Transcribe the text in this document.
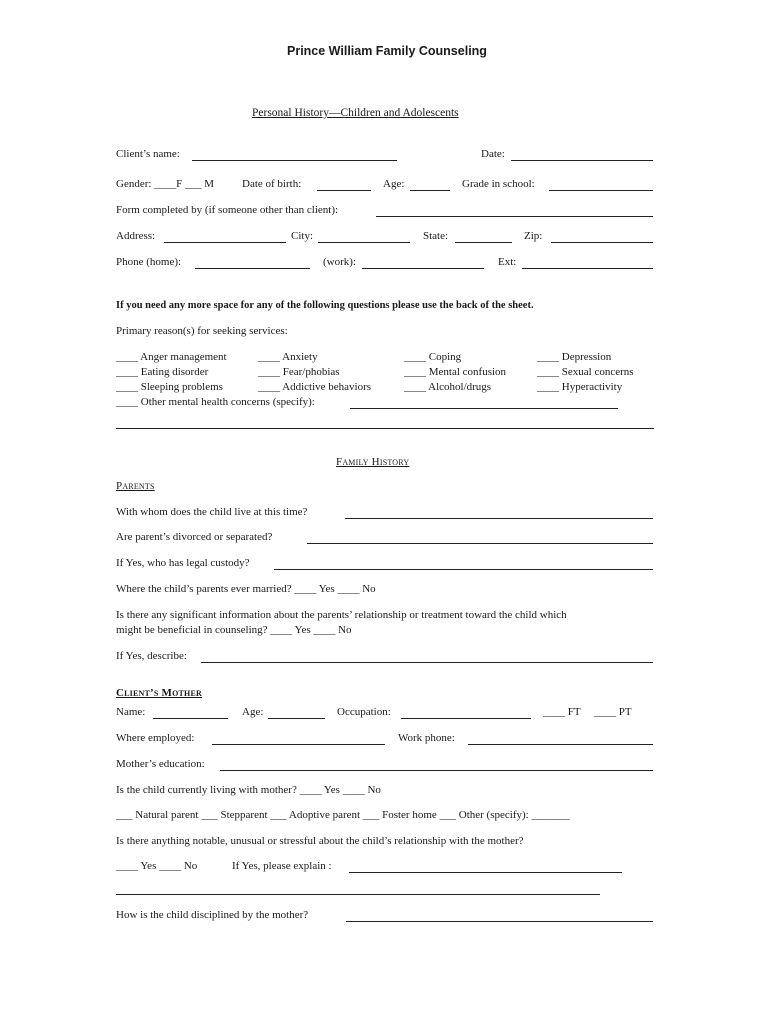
Prince William Family Counseling
Personal History—Children and Adolescents
Client’s name:	Date:
Gender: ____F ___ M	Date of birth:	Age:	Grade in school:
Form completed by (if someone other than client):
Address:	City:	State:	Zip:
Phone (home):	(work):	Ext:
If you need any more space for any of the following questions please use the back of the sheet.
Primary reason(s) for seeking services:
____ Anger management	____ Anxiety	____ Coping	____ Depression
____ Eating disorder	____ Fear/phobias	____ Mental confusion	____ Sexual concerns
____ Sleeping problems	____ Addictive behaviors	____ Alcohol/drugs	____ Hyperactivity
____ Other mental health concerns (specify):
Family History
Parents
With whom does the child live at this time?
Are parent’s divorced or separated?
If Yes, who has legal custody?
Where the child’s parents ever married? ____ Yes ____ No
Is there any significant information about the parents’ relationship or treatment toward the child which
might be beneficial in counseling? ____ Yes ____ No
If Yes, describe:
Client’s Mother
Name:	Age:	Occupation:	____ FT ____ PT
Where employed:	Work phone:
Mother’s education:
Is the child currently living with mother? ____ Yes ____ No
___ Natural parent ___ Stepparent ___ Adoptive parent ___ Foster home ___ Other (specify): _______
Is there anything notable, unusual or stressful about the child’s relationship with the mother?
____ Yes ____ No	If Yes, please explain :
How is the child disciplined by the mother?
